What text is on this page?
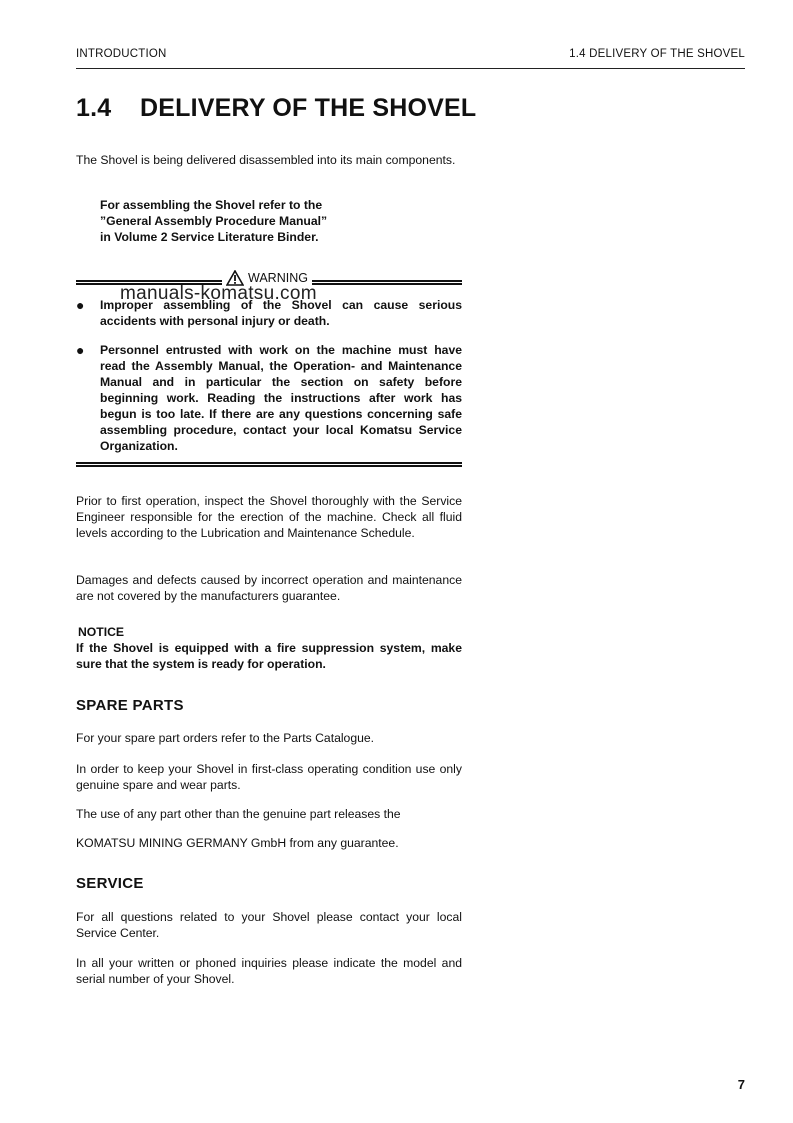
INTRODUCTION	1.4 DELIVERY OF THE SHOVEL
1.4 DELIVERY OF THE SHOVEL

The Shovel is being delivered disassembled into its main components.

For assembling the Shovel refer to the
”General Assembly Procedure Manual”
in Volume 2 Service Literature Binder.
WARNING
manuals-komatsu.com
●	Improper assembling of the Shovel can cause serious accidents with personal injury or death.
●	Personnel entrusted with work on the machine must have read the Assembly Manual, the Operation- and Maintenance Manual and in particular the section on safety before beginning work. Reading the instructions after work has begun is too late. If there are any questions concerning safe assembling procedure, contact your local Komatsu Service Organization.

Prior to first operation, inspect the Shovel thoroughly with the Service Engineer responsible for the erection of the machine. Check all fluid levels according to the Lubrication and Maintenance Schedule.

Damages and defects caused by incorrect operation and maintenance are not covered by the manufacturers guarantee.

NOTICE

If the Shovel is equipped with a fire suppression system, make sure that the system is ready for operation.

SPARE PARTS

For your spare part orders refer to the Parts Catalogue.

In order to keep your Shovel in first-class operating condition use only genuine spare and wear parts.

The use of any part other than the genuine part releases the

KOMATSU MINING GERMANY GmbH from any guarantee.

SERVICE

For all questions related to your Shovel please contact your local Service Center.

In all your written or phoned inquiries please indicate the model and serial number of your Shovel.

7
